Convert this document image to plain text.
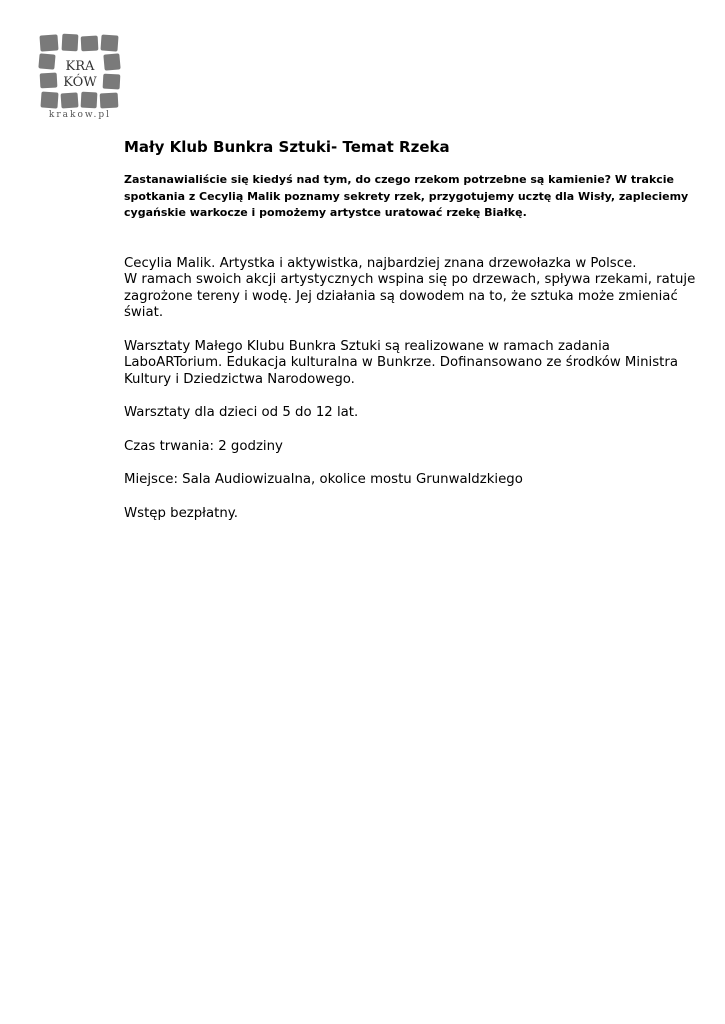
KRA
KÓW
krakow.pl
Mały Klub Bunkra Sztuki- Temat Rzeka

Zastanawialiście się kiedyś nad tym, do czego rzekom potrzebne są kamienie? W trakcie spotkania z Cecylią Malik poznamy sekrety rzek, przygotujemy ucztę dla Wisły, zapleciemy cygańskie warkocze i pomożemy artystce uratować rzekę Białkę.

Cecylia Malik. Artystka i aktywistka, najbardziej znana drzewołazka w Polsce.
W ramach swoich akcji artystycznych wspina się po drzewach, spływa rzekami, ratuje zagrożone tereny i wodę. Jej działania są dowodem na to, że sztuka może zmieniać świat.

Warsztaty Małego Klubu Bunkra Sztuki są realizowane w ramach zadania LaboARTorium. Edukacja kulturalna w Bunkrze. Dofinansowano ze środków Ministra Kultury i Dziedzictwa Narodowego.

Warsztaty dla dzieci od 5 do 12 lat.

Czas trwania: 2 godziny

Miejsce: Sala Audiowizualna, okolice mostu Grunwaldzkiego

Wstęp bezpłatny.
